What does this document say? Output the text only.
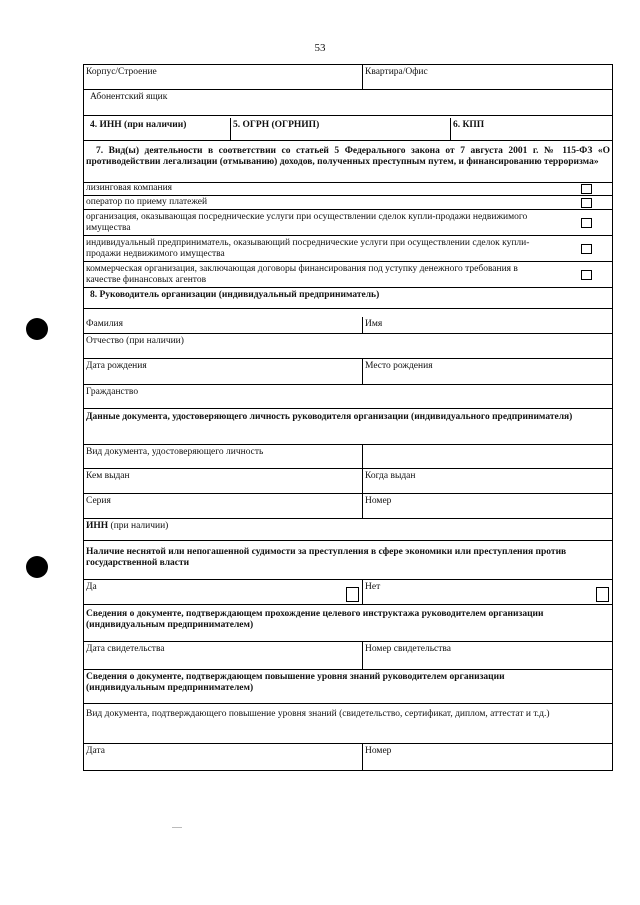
53
Корпус/Строение	Квартира/Офис
Абонентский ящик
4. ИНН (при наличии)	5. ОГРН (ОГРНИП)	6. КПП
7. Вид(ы) деятельности в соответствии со статьей 5 Федерального закона от 7 августа 2001 г. № 115-ФЗ «О противодействии легализации (отмыванию) доходов, полученных преступным путем, и финансированию терроризма»
лизинговая компания
оператор по приему платежей
организация, оказывающая посреднические услуги при осуществлении сделок купли-продажи недвижимого имущества
индивидуальный предприниматель, оказывающий посреднические услуги при осуществлении сделок купли-продажи недвижимого имущества
коммерческая организация, заключающая договоры финансирования под уступку денежного требования в качестве финансовых агентов
8. Руководитель организации (индивидуальный предприниматель)
Фамилия	Имя
Отчество (при наличии)
Дата рождения	Место рождения
Гражданство
Данные документа, удостоверяющего личность руководителя организации (индивидуального предпринимателя)
Вид документа, удостоверяющего личность
Кем выдан	Когда выдан
Серия	Номер
ИНН (при наличии)
Наличие неснятой или непогашенной судимости за преступления в сфере экономики или преступления против государственной власти
Да	Нет
Сведения о документе, подтверждающем прохождение целевого инструктажа руководителем организации (индивидуальным предпринимателем)
Дата свидетельства	Номер свидетельства
Сведения о документе, подтверждающем повышение уровня знаний руководителем организации (индивидуальным предпринимателем)
Вид документа, подтверждающего повышение уровня знаний (свидетельство, сертификат, диплом, аттестат и т.д.)
Дата	Номер
